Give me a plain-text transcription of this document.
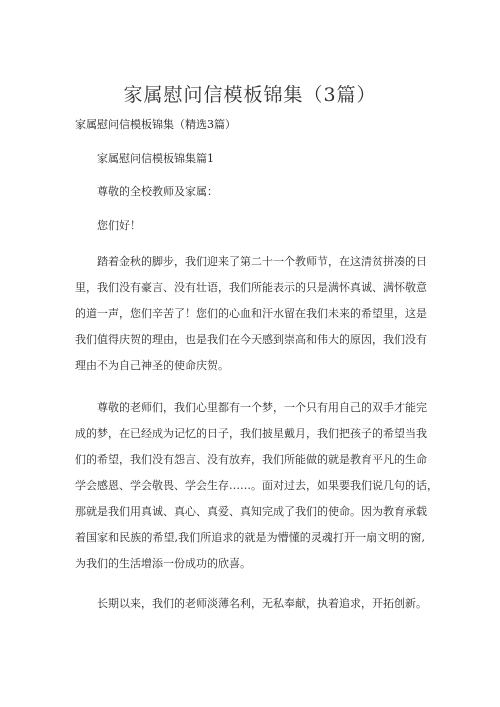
家属慰问信模板锦集（3篇）
家属慰问信模板锦集（精选3篇）
家属慰问信模板锦集篇1
尊敬的全校教师及家属：
您们好！
踏着金秋的脚步，我们迎来了第二十一个教师节，在这清贫拼凑的日
里，我们没有豪言、没有壮语，我们所能表示的只是满怀真诚、满怀敬意
的道一声，您们辛苦了！您们的心血和汗水留在我们未来的希望里，这是
我们值得庆贺的理由，也是我们在今天感到崇高和伟大的原因，我们没有
理由不为自己神圣的使命庆贺。
尊敬的老师们，我们心里都有一个梦，一个只有用自己的双手才能完
成的梦，在已经成为记忆的日子，我们披星戴月，我们把孩子的希望当我
们的希望，我们没有怨言、没有放弃，我们所能做的就是教育平凡的生命
学会感恩、学会敬畏、学会生存……。面对过去，如果要我们说几句的话，
那就是我们用真诚、真心、真爱、真知完成了我们的使命。因为教育承载
着国家和民族的希望,我们所追求的就是为懵懂的灵魂打开一扇文明的窗,
为我们的生活增添一份成功的欣喜。
长期以来，我们的老师淡薄名利，无私奉献，执着追求，开拓创新。
